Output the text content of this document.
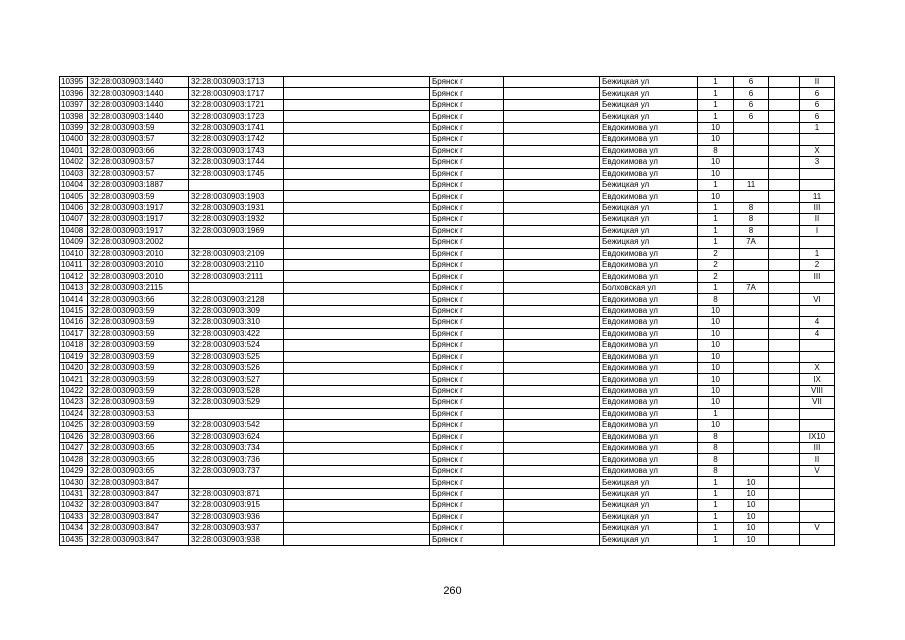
10395	32:28:0030903:1440	32:28:0030903:1713		Брянск г		Бежицкая ул	1	6		II
10396	32:28:0030903:1440	32:28:0030903:1717		Брянск г		Бежицкая ул	1	6		6
10397	32:28:0030903:1440	32:28:0030903:1721		Брянск г		Бежицкая ул	1	6		6
10398	32:28:0030903:1440	32:28:0030903:1723		Брянск г		Бежицкая ул	1	6		6
10399	32:28:0030903:59	32:28:0030903:1741		Брянск г		Евдокимова ул	10			1
10400	32:28:0030903:57	32:28:0030903:1742		Брянск г		Евдокимова ул	10			
10401	32:28:0030903:66	32:28:0030903:1743		Брянск г		Евдокимова ул	8			X
10402	32:28:0030903:57	32:28:0030903:1744		Брянск г		Евдокимова ул	10			3
10403	32:28:0030903:57	32:28:0030903:1745		Брянск г		Евдокимова ул	10			
10404	32:28:0030903:1887			Брянск г		Бежицкая ул	1	11		
10405	32:28:0030903:59	32:28:0030903:1903		Брянск г		Евдокимова ул	10			11
10406	32:28:0030903:1917	32:28:0030903:1931		Брянск г		Бежицкая ул	1	8		III
10407	32:28:0030903:1917	32:28:0030903:1932		Брянск г		Бежицкая ул	1	8		II
10408	32:28:0030903:1917	32:28:0030903:1969		Брянск г		Бежицкая ул	1	8		I
10409	32:28:0030903:2002			Брянск г		Бежицкая ул	1	7А		
10410	32:28:0030903:2010	32:28:0030903:2109		Брянск г		Евдокимова ул	2			1
10411	32:28:0030903:2010	32:28:0030903:2110		Брянск г		Евдокимова ул	2			2
10412	32:28:0030903:2010	32:28:0030903:2111		Брянск г		Евдокимова ул	2			III
10413	32:28:0030903:2115			Брянск г		Болховская ул	1	7А		
10414	32:28:0030903:66	32:28:0030903:2128		Брянск г		Евдокимова ул	8			VI
10415	32:28:0030903:59	32:28:0030903:309		Брянск г		Евдокимова ул	10			
10416	32:28:0030903:59	32:28:0030903:310		Брянск г		Евдокимова ул	10			4
10417	32:28:0030903:59	32:28:0030903:422		Брянск г		Евдокимова ул	10			4
10418	32:28:0030903:59	32:28:0030903:524		Брянск г		Евдокимова ул	10			
10419	32:28:0030903:59	32:28:0030903:525		Брянск г		Евдокимова ул	10			
10420	32:28:0030903:59	32:28:0030903:526		Брянск г		Евдокимова ул	10			X
10421	32:28:0030903:59	32:28:0030903:527		Брянск г		Евдокимова ул	10			IX
10422	32:28:0030903:59	32:28:0030903:528		Брянск г		Евдокимова ул	10			VIII
10423	32:28:0030903:59	32:28:0030903:529		Брянск г		Евдокимова ул	10			VII
10424	32:28:0030903:53			Брянск г		Евдокимова ул	1			
10425	32:28:0030903:59	32:28:0030903:542		Брянск г		Евдокимова ул	10			
10426	32:28:0030903:66	32:28:0030903:624		Брянск г		Евдокимова ул	8			IX10
10427	32:28:0030903:65	32:28:0030903:734		Брянск г		Евдокимова ул	8			III
10428	32:28:0030903:65	32:28:0030903:736		Брянск г		Евдокимова ул	8			II
10429	32:28:0030903:65	32:28:0030903:737		Брянск г		Евдокимова ул	8			V
10430	32:28:0030903:847			Брянск г		Бежицкая ул	1	10		
10431	32:28:0030903:847	32:28:0030903:871		Брянск г		Бежицкая ул	1	10		
10432	32:28:0030903:847	32:28:0030903:915		Брянск г		Бежицкая ул	1	10		
10433	32:28:0030903:847	32:28:0030903:936		Брянск г		Бежицкая ул	1	10		
10434	32:28:0030903:847	32:28:0030903:937		Брянск г		Бежицкая ул	1	10		V
10435	32:28:0030903:847	32:28:0030903:938		Брянск г		Бежицкая ул	1	10		
260
